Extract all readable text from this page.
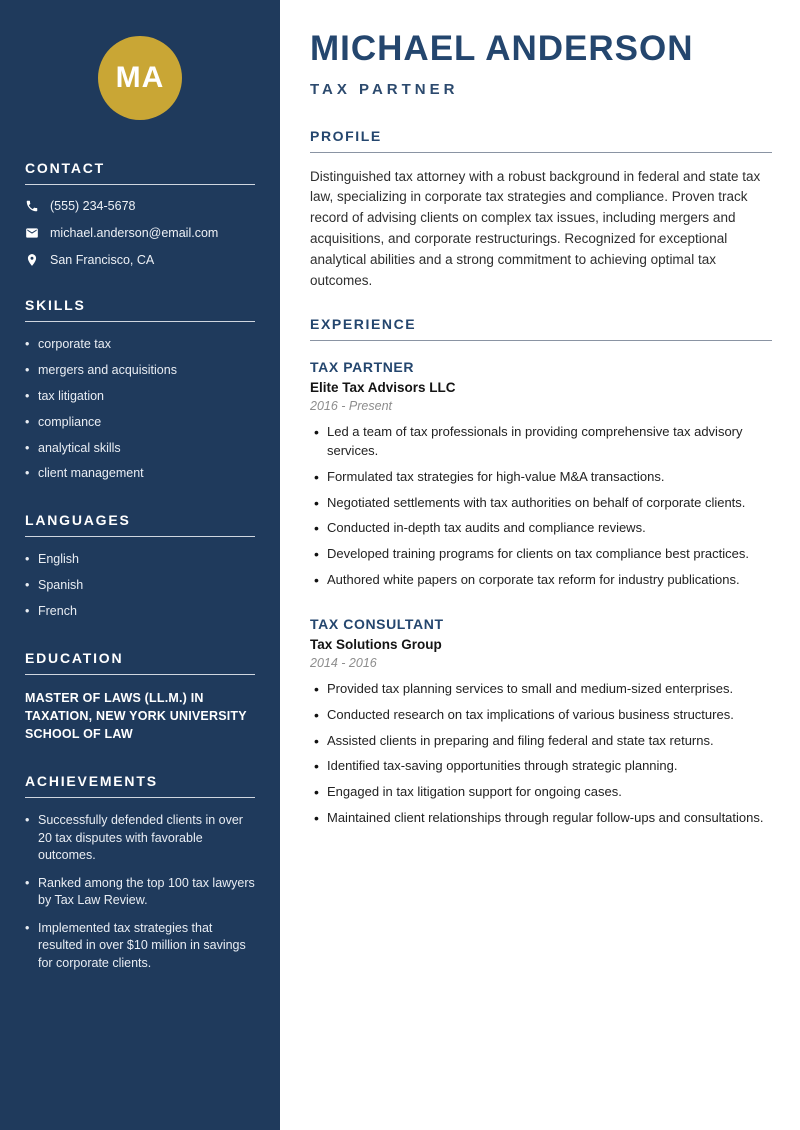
MA
CONTACT
(555) 234-5678
michael.anderson@email.com
San Francisco, CA
SKILLS
• corporate tax
• mergers and acquisitions
• tax litigation
• compliance
• analytical skills
• client management
LANGUAGES
• English
• Spanish
• French
EDUCATION
MASTER OF LAWS (LL.M.) IN TAXATION, NEW YORK UNIVERSITY SCHOOL OF LAW
ACHIEVEMENTS
• Successfully defended clients in over 20 tax disputes with favorable outcomes.
• Ranked among the top 100 tax lawyers by Tax Law Review.
• Implemented tax strategies that resulted in over $10 million in savings for corporate clients.
MICHAEL ANDERSON
TAX PARTNER
PROFILE

Distinguished tax attorney with a robust background in federal and state tax law, specializing in corporate tax strategies and compliance. Proven track record of advising clients on complex tax issues, including mergers and acquisitions, and corporate restructurings. Recognized for exceptional analytical abilities and a strong commitment to achieving optimal tax outcomes.

EXPERIENCE
TAX PARTNER
Elite Tax Advisors LLC
2016 - Present
• Led a team of tax professionals in providing comprehensive tax advisory services.
• Formulated tax strategies for high-value M&A transactions.
• Negotiated settlements with tax authorities on behalf of corporate clients.
• Conducted in-depth tax audits and compliance reviews.
• Developed training programs for clients on tax compliance best practices.
• Authored white papers on corporate tax reform for industry publications.
TAX CONSULTANT
Tax Solutions Group
2014 - 2016
• Provided tax planning services to small and medium-sized enterprises.
• Conducted research on tax implications of various business structures.
• Assisted clients in preparing and filing federal and state tax returns.
• Identified tax-saving opportunities through strategic planning.
• Engaged in tax litigation support for ongoing cases.
• Maintained client relationships through regular follow-ups and consultations.
